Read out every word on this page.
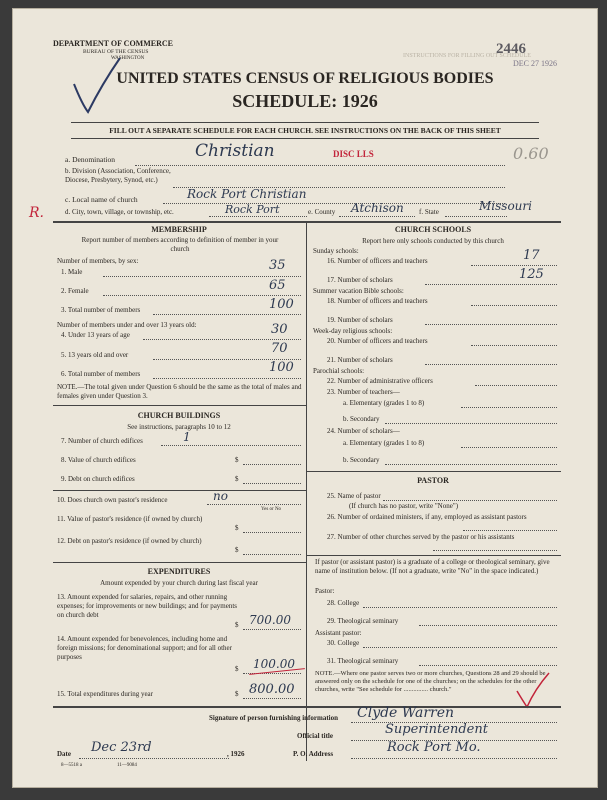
DEPARTMENT OF COMMERCE
BUREAU OF THE CENSUS
WASHINGTON	INSTRUCTIONS FOR FILLING OUT SCHEDULE
2446
DEC 27 1926
UNITED STATES CENSUS OF RELIGIOUS BODIES
SCHEDULE: 1926
FILL OUT A SEPARATE SCHEDULE FOR EACH CHURCH. SEE INSTRUCTIONS ON THE BACK OF THIS SHEET
a. Denomination	Christian	DISC LLS	0.60
b. Division (Association, Conference, Diocese, Presbytery, Synod, etc.)
c. Local name of church	Rock Port Christian
R.	d. City, town, village, or township, etc.	Rock Port	e. County Atchison f. State	Missouri
MEMBERSHIP
Report number of members according to definition of member in your church
Number of members, by sex:
1. Male	35
2. Female	65
3. Total number of members	100
Number of members under and over 13 years old:
4. Under 13 years of age	30
5. 13 years old and over	70
6. Total number of members	100
NOTE.—The total given under Question 6 should be the same as the total of males and females given under Question 3.
CHURCH BUILDINGS
See instructions, paragraphs 10 to 12
7. Number of church edifices	1
8. Value of church edifices	$
9. Debt on church edifices	$
10. Does church own pastor's residence	no
Yes or No
11. Value of pastor's residence (if owned by church)
$
12. Debt on pastor's residence (if owned by church)
$
EXPENDITURES
Amount expended by your church during last fiscal year
13. Amount expended for salaries, repairs, and other running expenses; for improvements or new buildings; and for payments on church debt
$ 700.00
14. Amount expended for benevolences, including home and foreign missions; for denominational support; and for all other purposes
$ 100.00
15. Total expenditures during year	$ 800.00
CHURCH SCHOOLS
Report here only schools conducted by this church
Sunday schools:
16. Number of officers and teachers	17
17. Number of scholars	125
Summer vacation Bible schools:
18. Number of officers and teachers
19. Number of scholars
Week-day religious schools:
20. Number of officers and teachers
21. Number of scholars
Parochial schools:
22. Number of administrative officers
23. Number of teachers—
a. Elementary (grades 1 to 8)
b. Secondary
24. Number of scholars—
a. Elementary (grades 1 to 8)
b. Secondary
PASTOR
25. Name of pastor
(If church has no pastor, write "None")
26. Number of ordained ministers, if any, employed as assistant pastors
27. Number of other churches served by the pastor or his assistants
If pastor (or assistant pastor) is a graduate of a college or theological seminary, give name of institution below. (If not a graduate, write "No" in the space indicated.)
Pastor:
28. College
29. Theological seminary
Assistant pastor:
30. College
31. Theological seminary
NOTE.—Where one pastor serves two or more churches, Questions 28 and 29 should be answered only on the schedule for one of the churches; on the schedules for the other churches, write "See schedule for ............... church."
Signature of person furnishing information Clyde Warren
Official title	Superintendent
Date Dec 23rd	, 1926	P. O. Address	Rock Port Mo.
8—5518 a	11—9084
